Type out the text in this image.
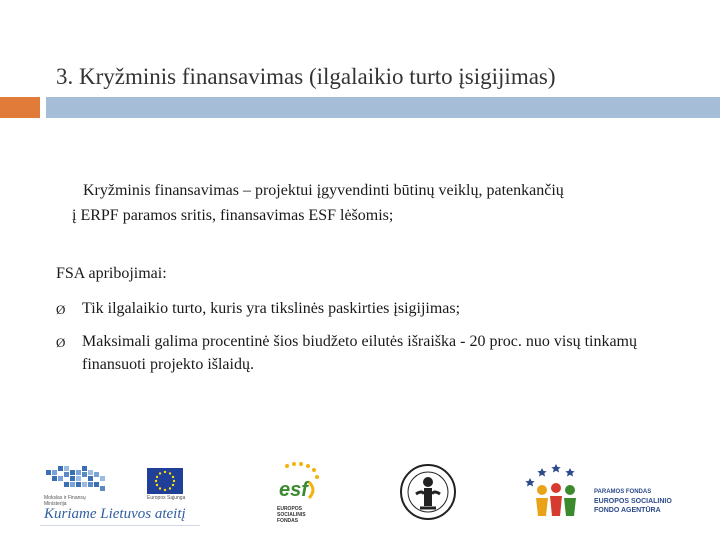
3. Kryžminis finansavimas (ilgalaikio turto įsigijimas)
Kryžminis finansavimas – projektui įgyvendinti būtinų veiklų, patenkančių
į ERPF paramos sritis, finansavimas ESF lėšomis;
FSA apribojimai:
Ø Tik ilgalaikio turto, kuris yra tikslinės paskirties įsigijimas;
Ø Maksimali galima procentinė šios biudžeto eilutės išraiška - 20 proc. nuo visų tinkamų finansuoti projekto išlaidų.
Mokslas ir Finansų Ministerija
Europos Sąjunga
Kuriame Lietuvos ateitį
esf
EUROPOS SOCIALINIS FONDAS
PARAMOS FONDAS
EUROPOS SOCIALINIO
FONDO AGENTŪRA
